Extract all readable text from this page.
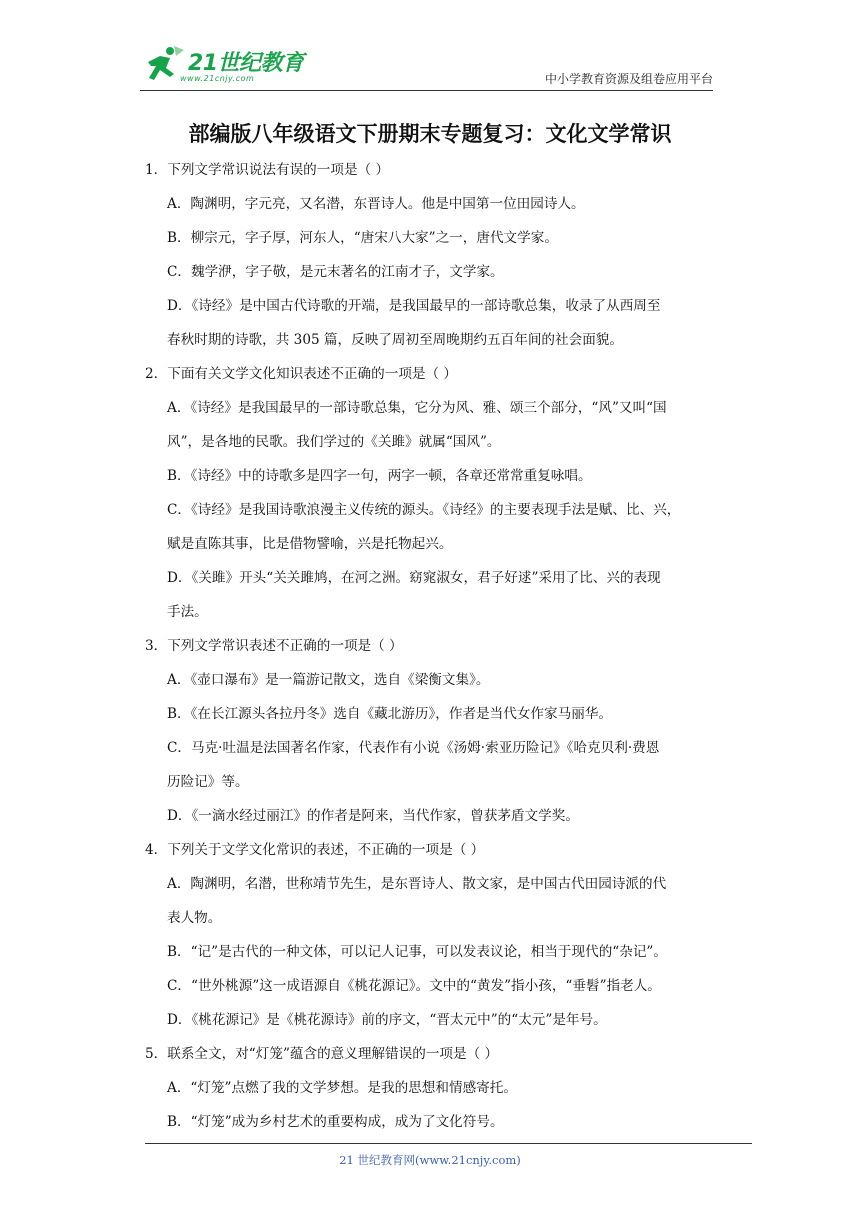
21世纪教育
www.21cnjy.com	中小学教育资源及组卷应用平台
部编版八年级语文下册期末专题复习：文化文学常识
1．下列文学常识说法有误的一项是（ ）
A．陶渊明，字元亮，又名潜，东晋诗人。他是中国第一位田园诗人。
B．柳宗元，字子厚，河东人，“唐宋八大家”之一，唐代文学家。
C．魏学洢，字子敬，是元末著名的江南才子，文学家。
D．《诗经》是中国古代诗歌的开端，是我国最早的一部诗歌总集，收录了从西周至
春秋时期的诗歌，共 305 篇，反映了周初至周晚期约五百年间的社会面貌。
2．下面有关文学文化知识表述不正确的一项是（ ）
A．《诗经》是我国最早的一部诗歌总集，它分为风、雅、颂三个部分，“风”又叫“国
风”，是各地的民歌。我们学过的《关雎》就属“国风”。
B．《诗经》中的诗歌多是四字一句，两字一顿，各章还常常重复咏唱。
C．《诗经》是我国诗歌浪漫主义传统的源头。《诗经》的主要表现手法是赋、比、兴，
赋是直陈其事，比是借物譬喻，兴是托物起兴。
D．《关雎》开头“关关雎鸠，在河之洲。窈窕淑女，君子好逑”采用了比、兴的表现
手法。
3．下列文学常识表述不正确的一项是（ ）
A．《壶口瀑布》是一篇游记散文，选自《梁衡文集》。
B．《在长江源头各拉丹冬》选自《藏北游历》，作者是当代女作家马丽华。
C．马克·吐温是法国著名作家，代表作有小说《汤姆·索亚历险记》《哈克贝利·费恩
历险记》等。
D．《一滴水经过丽江》的作者是阿来，当代作家，曾获茅盾文学奖。
4．下列关于文学文化常识的表述，不正确的一项是（ ）
A．陶渊明，名潜，世称靖节先生，是东晋诗人、散文家，是中国古代田园诗派的代
表人物。
B．“记”是古代的一种文体，可以记人记事，可以发表议论，相当于现代的“杂记”。
C．“世外桃源”这一成语源自《桃花源记》。文中的“黄发”指小孩，“垂髫”指老人。
D．《桃花源记》是《桃花源诗》前的序文，“晋太元中”的“太元”是年号。
5．联系全文，对“灯笼”蕴含的意义理解错误的一项是（ ）
A．“灯笼”点燃了我的文学梦想。是我的思想和情感寄托。
B．“灯笼”成为乡村艺术的重要构成，成为了文化符号。
21 世纪教育网(www.21cnjy.com)
